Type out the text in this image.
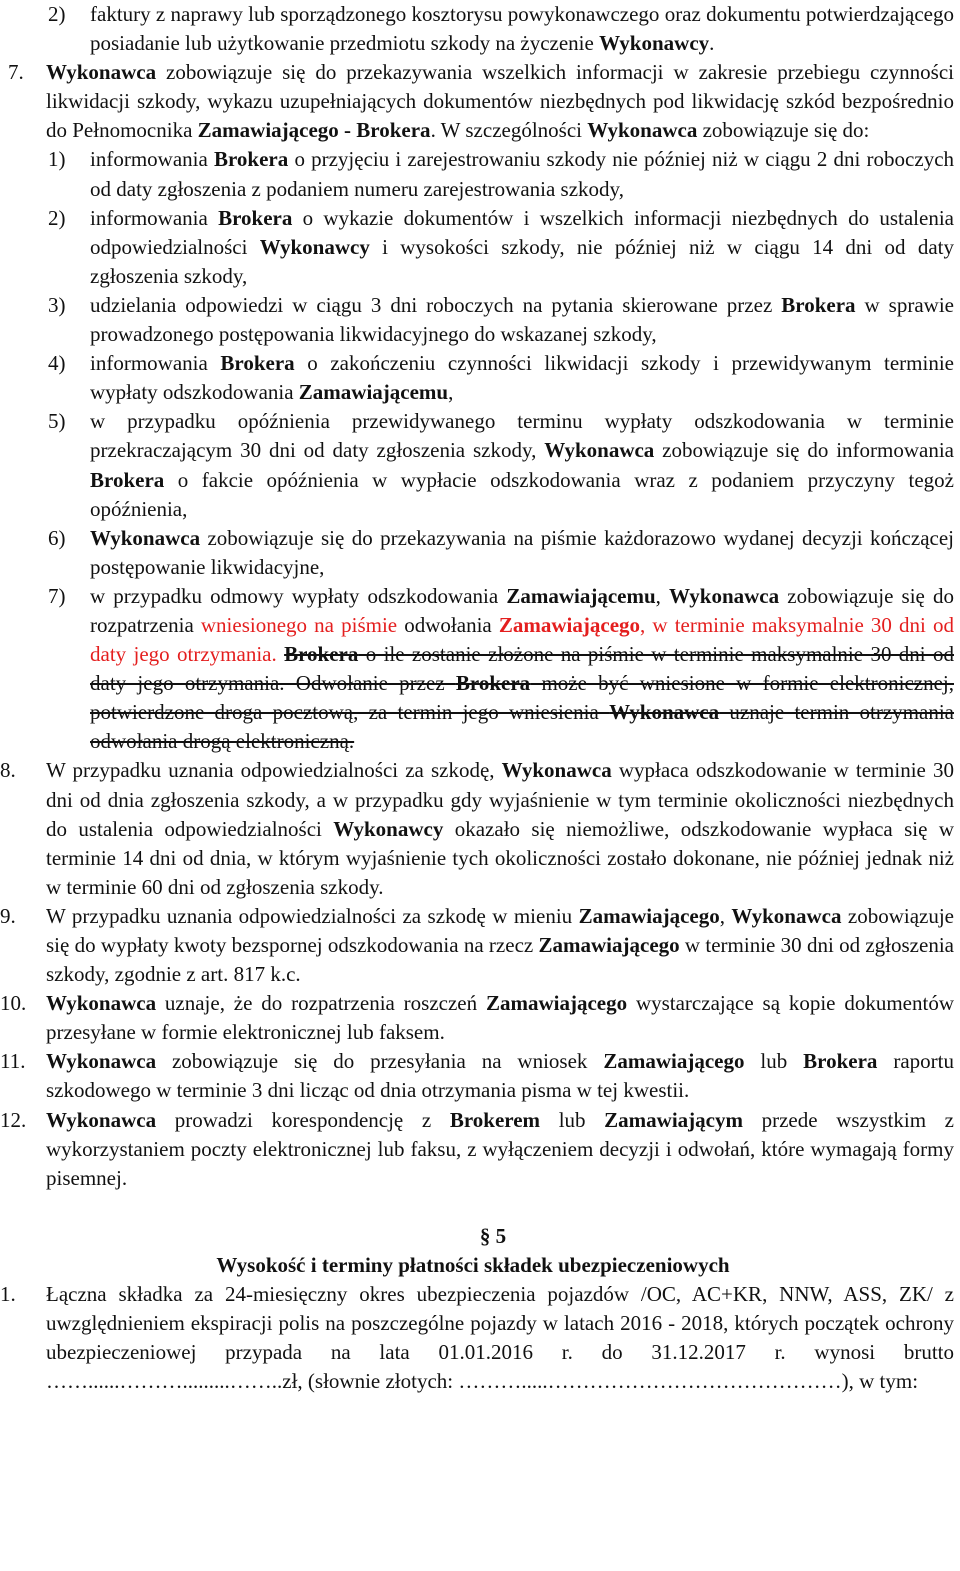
2) faktury z naprawy lub sporządzonego kosztorysu powykonawczego oraz dokumentu potwierdzającego posiadanie lub użytkowanie przedmiotu szkody na życzenie Wykonawcy.
7. Wykonawca zobowiązuje się do przekazywania wszelkich informacji w zakresie przebiegu czynności likwidacji szkody, wykazu uzupełniających dokumentów niezbędnych pod likwidację szkód bezpośrednio do Pełnomocnika Zamawiającego - Brokera. W szczególności Wykonawca zobowiązuje się do:
1) informowania Brokera o przyjęciu i zarejestrowaniu szkody nie później niż w ciągu 2 dni roboczych od daty zgłoszenia z podaniem numeru zarejestrowania szkody,
2) informowania Brokera o wykazie dokumentów i wszelkich informacji niezbędnych do ustalenia odpowiedzialności Wykonawcy i wysokości szkody, nie później niż w ciągu 14 dni od daty zgłoszenia szkody,
3) udzielania odpowiedzi w ciągu 3 dni roboczych na pytania skierowane przez Brokera w sprawie prowadzonego postępowania likwidacyjnego do wskazanej szkody,
4) informowania Brokera o zakończeniu czynności likwidacji szkody i przewidywanym terminie wypłaty odszkodowania Zamawiającemu,
5) w przypadku opóźnienia przewidywanego terminu wypłaty odszkodowania w terminie przekraczającym 30 dni od daty zgłoszenia szkody, Wykonawca zobowiązuje się do informowania Brokera o fakcie opóźnienia w wypłacie odszkodowania wraz z podaniem przyczyny tegoż opóźnienia,
6) Wykonawca zobowiązuje się do przekazywania na piśmie każdorazowo wydanej decyzji kończącej postępowanie likwidacyjne,
7) w przypadku odmowy wypłaty odszkodowania Zamawiającemu, Wykonawca zobowiązuje się do rozpatrzenia wniesionego na piśmie odwołania Zamawiającego, w terminie maksymalnie 30 dni od daty jego otrzymania. Brokera o ile zostanie złożone na piśmie w terminie maksymalnie 30 dni od daty jego otrzymania. Odwołanie przez Brokera może być wniesione w formie elektronicznej, potwierdzone droga pocztową, za termin jego wniesienia Wykonawca uznaje termin otrzymania odwołania drogą elektroniczną.
8. W przypadku uznania odpowiedzialności za szkodę, Wykonawca wypłaca odszkodowanie w terminie 30 dni od dnia zgłoszenia szkody, a w przypadku gdy wyjaśnienie w tym terminie okoliczności niezbędnych do ustalenia odpowiedzialności Wykonawcy okazało się niemożliwe, odszkodowanie wypłaca się w terminie 14 dni od dnia, w którym wyjaśnienie tych okoliczności zostało dokonane, nie później jednak niż w terminie 60 dni od zgłoszenia szkody.
9. W przypadku uznania odpowiedzialności za szkodę w mieniu Zamawiającego, Wykonawca zobowiązuje się do wypłaty kwoty bezspornej odszkodowania na rzecz Zamawiającego w terminie 30 dni od zgłoszenia szkody, zgodnie z art. 817 k.c.
10. Wykonawca uznaje, że do rozpatrzenia roszczeń Zamawiającego wystarczające są kopie dokumentów przesyłane w formie elektronicznej lub faksem.
11. Wykonawca zobowiązuje się do przesyłania na wniosek Zamawiającego lub Brokera raportu szkodowego w terminie 3 dni licząc od dnia otrzymania pisma w tej kwestii.
12. Wykonawca prowadzi korespondencję z Brokerem lub Zamawiającym przede wszystkim z wykorzystaniem poczty elektronicznej lub faksu, z wyłączeniem decyzji i odwołań, które wymagają formy pisemnej.
§ 5
Wysokość i terminy płatności składek ubezpieczeniowych
1. Łączna składka za 24-miesięczny okres ubezpieczenia pojazdów /OC, AC+KR, NNW, ASS, ZK/ z uwzględnieniem ekspiracji polis na poszczególne pojazdy w latach 2016 - 2018, których początek ochrony ubezpieczeniowej przypada na lata 01.01.2016 r. do 31.12.2017 r. wynosi brutto ……......……….........……..zł, (słownie złotych: ……….....……………………………………), w tym:
